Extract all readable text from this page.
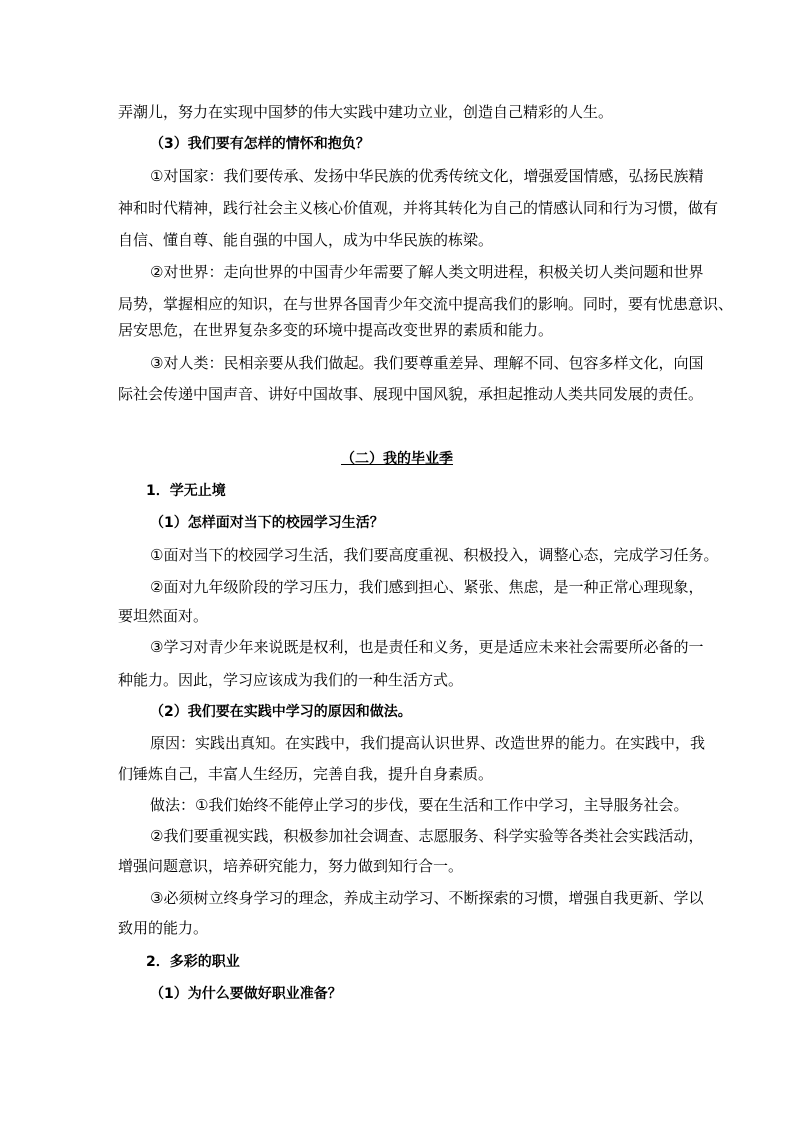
弄潮儿，努力在实现中国梦的伟大实践中建功立业，创造自己精彩的人生。
（3）我们要有怎样的情怀和抱负？
①对国家：我们要传承、发扬中华民族的优秀传统文化，增强爱国情感，弘扬民族精
神和时代精神，践行社会主义核心价值观，并将其转化为自己的情感认同和行为习惯，做有
自信、懂自尊、能自强的中国人，成为中华民族的栋梁。
②对世界：走向世界的中国青少年需要了解人类文明进程，积极关切人类问题和世界
局势，掌握相应的知识，在与世界各国青少年交流中提高我们的影响。同时，要有忧患意识、
居安思危，在世界复杂多变的环境中提高改变世界的素质和能力。
③对人类：民相亲要从我们做起。我们要尊重差异、理解不同、包容多样文化，向国
际社会传递中国声音、讲好中国故事、展现中国风貌，承担起推动人类共同发展的责任。
（二）我的毕业季
1．学无止境
（1）怎样面对当下的校园学习生活？
①面对当下的校园学习生活，我们要高度重视、积极投入，调整心态，完成学习任务。
②面对九年级阶段的学习压力，我们感到担心、紧张、焦虑，是一种正常心理现象，
要坦然面对。
③学习对青少年来说既是权利，也是责任和义务，更是适应未来社会需要所必备的一
种能力。因此，学习应该成为我们的一种生活方式。
（2）我们要在实践中学习的原因和做法。
原因：实践出真知。在实践中，我们提高认识世界、改造世界的能力。在实践中，我
们锤炼自己，丰富人生经历，完善自我，提升自身素质。
做法：①我们始终不能停止学习的步伐，要在生活和工作中学习，主导服务社会。
②我们要重视实践，积极参加社会调查、志愿服务、科学实验等各类社会实践活动，
增强问题意识，培养研究能力，努力做到知行合一。
③必须树立终身学习的理念，养成主动学习、不断探索的习惯，增强自我更新、学以
致用的能力。
2．多彩的职业
（1）为什么要做好职业准备？
